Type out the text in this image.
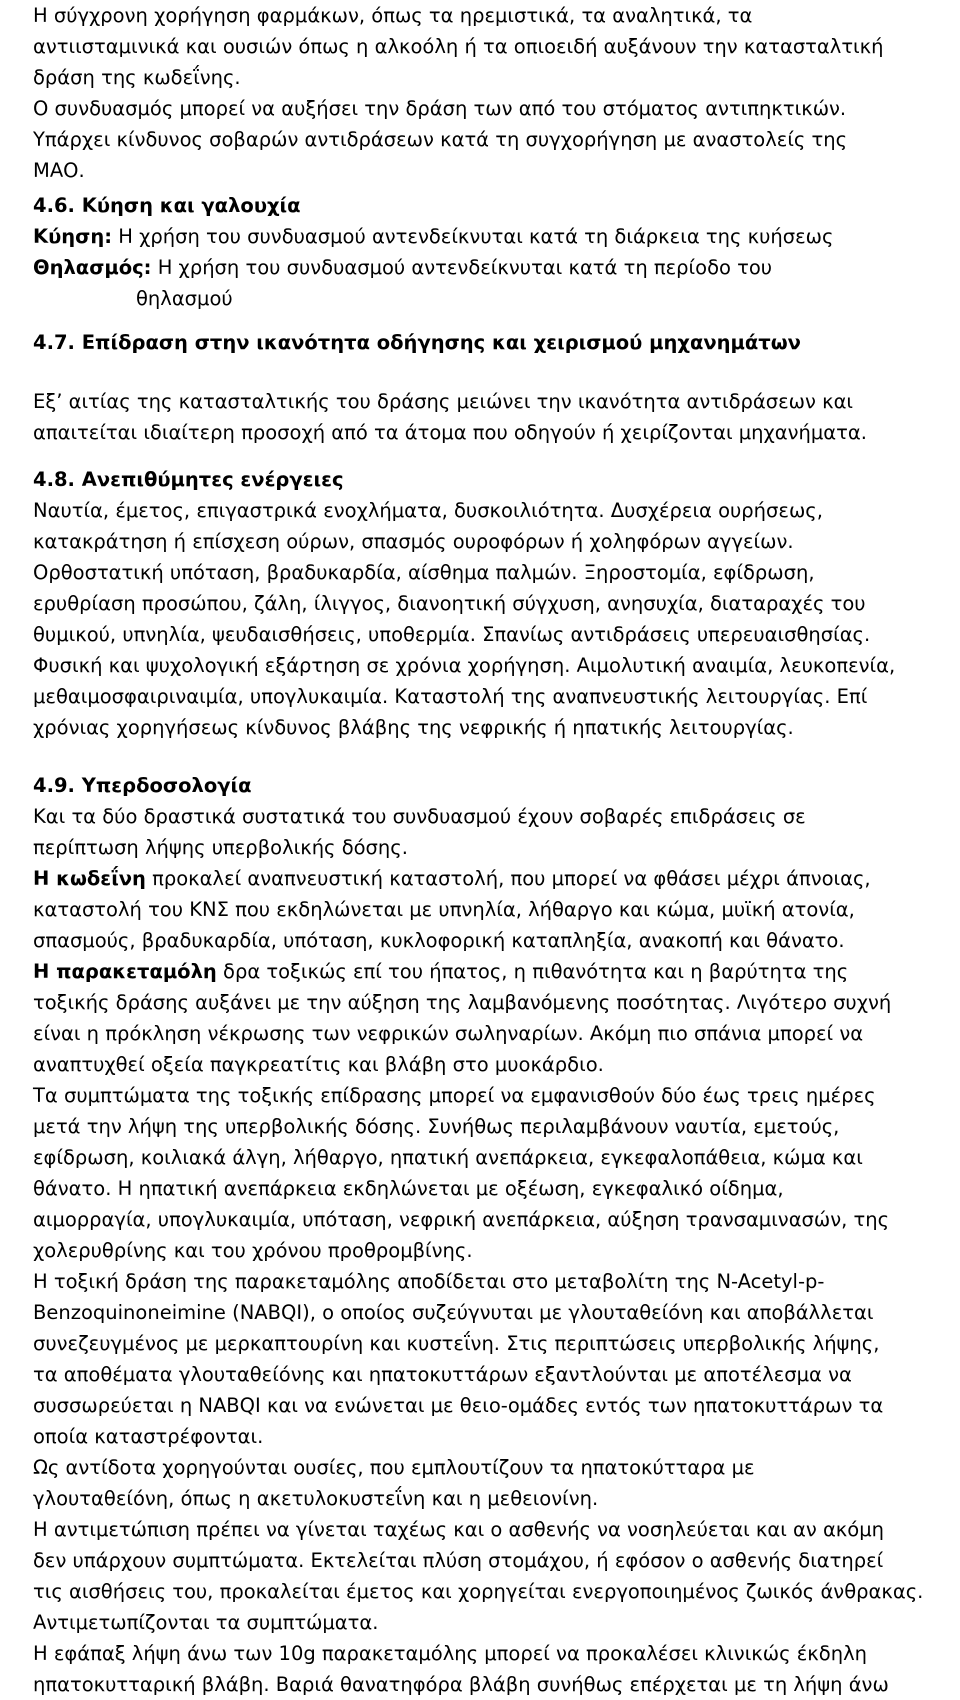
Η σύγχρονη χορήγηση φαρμάκων, όπως τα ηρεμιστικά, τα αναλητικά, τα
αντιισταμινικά και ουσιών όπως η αλκοόλη ή τα οπιοειδή αυξάνουν την κατασταλτική
δράση της κωδεΐνης.
Ο συνδυασμός μπορεί να αυξήσει την δράση των από του στόματος αντιπηκτικών.
Υπάρχει κίνδυνος σοβαρών αντιδράσεων κατά τη συγχορήγηση με αναστολείς της
ΜΑΟ.
4.6. Κύηση και γαλουχία
Κύηση: Η χρήση του συνδυασμού αντενδείκνυται κατά τη διάρκεια της κυήσεως
Θηλασμός: Η χρήση του συνδυασμού αντενδείκνυται κατά τη περίοδο του
θηλασμού
4.7. Επίδραση στην ικανότητα οδήγησης και χειρισμού μηχανημάτων
Εξ’ αιτίας της κατασταλτικής του δράσης μειώνει την ικανότητα αντιδράσεων και
απαιτείται ιδιαίτερη προσοχή από τα άτομα που οδηγούν ή χειρίζονται μηχανήματα.
4.8. Ανεπιθύμητες ενέργειες
Ναυτία, έμετος, επιγαστρικά ενοχλήματα, δυσκοιλιότητα. Δυσχέρεια ουρήσεως,
κατακράτηση ή επίσχεση ούρων, σπασμός ουροφόρων ή χοληφόρων αγγείων.
Ορθοστατική υπόταση, βραδυκαρδία, αίσθημα παλμών. Ξηροστομία, εφίδρωση,
ερυθρίαση προσώπου, ζάλη, ίλιγγος, διανοητική σύγχυση, ανησυχία, διαταραχές του
θυμικού, υπνηλία, ψευδαισθήσεις, υποθερμία. Σπανίως αντιδράσεις υπερευαισθησίας.
Φυσική και ψυχολογική εξάρτηση σε χρόνια χορήγηση. Αιμολυτική αναιμία, λευκοπενία,
μεθαιμοσφαιριναιμία, υπογλυκαιμία. Καταστολή της αναπνευστικής λειτουργίας. Επί
χρόνιας χορηγήσεως κίνδυνος βλάβης της νεφρικής ή ηπατικής λειτουργίας.
4.9. Υπερδοσολογία
Και τα δύο δραστικά συστατικά του συνδυασμού έχουν σοβαρές επιδράσεις σε
περίπτωση λήψης υπερβολικής δόσης.
Η κωδεΐνη προκαλεί αναπνευστική καταστολή, που μπορεί να φθάσει μέχρι άπνοιας,
καταστολή του ΚΝΣ που εκδηλώνεται με υπνηλία, λήθαργο και κώμα, μυϊκή ατονία,
σπασμούς, βραδυκαρδία, υπόταση, κυκλοφορική καταπληξία, ανακοπή και θάνατο.
Η παρακεταμόλη δρα τοξικώς επί του ήπατος, η πιθανότητα και η βαρύτητα της
τοξικής δράσης αυξάνει με την αύξηση της λαμβανόμενης ποσότητας. Λιγότερο συχνή
είναι η πρόκληση νέκρωσης των νεφρικών σωληναρίων. Ακόμη πιο σπάνια μπορεί να
αναπτυχθεί οξεία παγκρεατίτις και βλάβη στο μυοκάρδιο.
Τα συμπτώματα της τοξικής επίδρασης μπορεί να εμφανισθούν δύο έως τρεις ημέρες
μετά την λήψη της υπερβολικής δόσης. Συνήθως περιλαμβάνουν ναυτία, εμετούς,
εφίδρωση, κοιλιακά άλγη, λήθαργο, ηπατική ανεπάρκεια, εγκεφαλοπάθεια, κώμα και
θάνατο. Η ηπατική ανεπάρκεια εκδηλώνεται με οξέωση, εγκεφαλικό οίδημα,
αιμορραγία, υπογλυκαιμία, υπόταση, νεφρική ανεπάρκεια, αύξηση τρανσαμινασών, της
χολερυθρίνης και του χρόνου προθρομβίνης.
Η τοξική δράση της παρακεταμόλης αποδίδεται στο μεταβολίτη της N-Acetyl-p-
Benzoquinoneimine (NABQI), ο οποίος συζεύγνυται με γλουταθείόνη και αποβάλλεται
συνεζευγμένος με μερκαπτουρίνη και κυστεΐνη. Στις περιπτώσεις υπερβολικής λήψης,
τα αποθέματα γλουταθείόνης και ηπατοκυττάρων εξαντλούνται με αποτέλεσμα να
συσσωρεύεται η NABQI και να ενώνεται με θειο-ομάδες εντός των ηπατοκυττάρων τα
οποία καταστρέφονται.
Ως αντίδοτα χορηγούνται ουσίες, που εμπλουτίζουν τα ηπατοκύτταρα με
γλουταθείόνη, όπως η ακετυλοκυστεΐνη και η μεθειονίνη.
Η αντιμετώπιση πρέπει να γίνεται ταχέως και ο ασθενής να νοσηλεύεται και αν ακόμη
δεν υπάρχουν συμπτώματα. Εκτελείται πλύση στομάχου, ή εφόσον ο ασθενής διατηρεί
τις αισθήσεις του, προκαλείται έμετος και χορηγείται ενεργοποιημένος ζωικός άνθρακας.
Αντιμετωπίζονται τα συμπτώματα.
Η εφάπαξ λήψη άνω των 10g παρακεταμόλης μπορεί να προκαλέσει κλινικώς έκδηλη
ηπατοκυτταρική βλάβη. Βαριά θανατηφόρα βλάβη συνήθως επέρχεται με τη λήψη άνω
